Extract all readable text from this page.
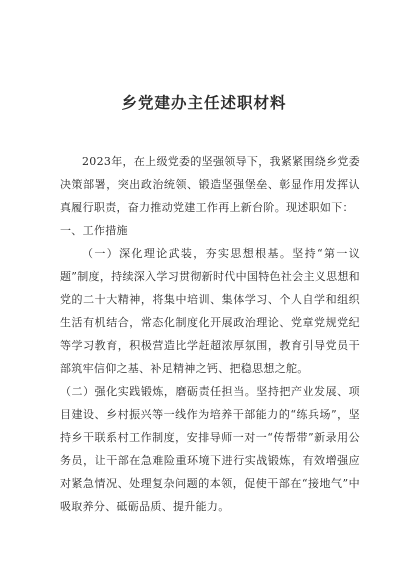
乡党建办主任述职材料

2023年，在上级党委的坚强领导下，我紧紧围绕乡党委决策部署，突出政治统领、锻造坚强堡垒、彰显作用发挥认真履行职责，奋力推动党建工作再上新台阶。现述职如下：

一、工作措施

（一）深化理论武装，夯实思想根基。坚持“第一议题”制度，持续深入学习贯彻新时代中国特色社会主义思想和党的二十大精神，将集中培训、集体学习、个人自学和组织生活有机结合，常态化制度化开展政治理论、党章党规党纪等学习教育，积极营造比学赶超浓厚氛围，教育引导党员干部筑牢信仰之基、补足精神之钙、把稳思想之舵。

（二）强化实践锻炼，磨砺责任担当。坚持把产业发展、项目建设、乡村振兴等一线作为培养干部能力的“练兵场”，坚持乡干联系村工作制度，安排导师一对一“传帮带”新录用公务员，让干部在急难险重环境下进行实战锻炼，有效增强应对紧急情况、处理复杂问题的本领，促使干部在“接地气”中吸取养分、砥砺品质、提升能力。
